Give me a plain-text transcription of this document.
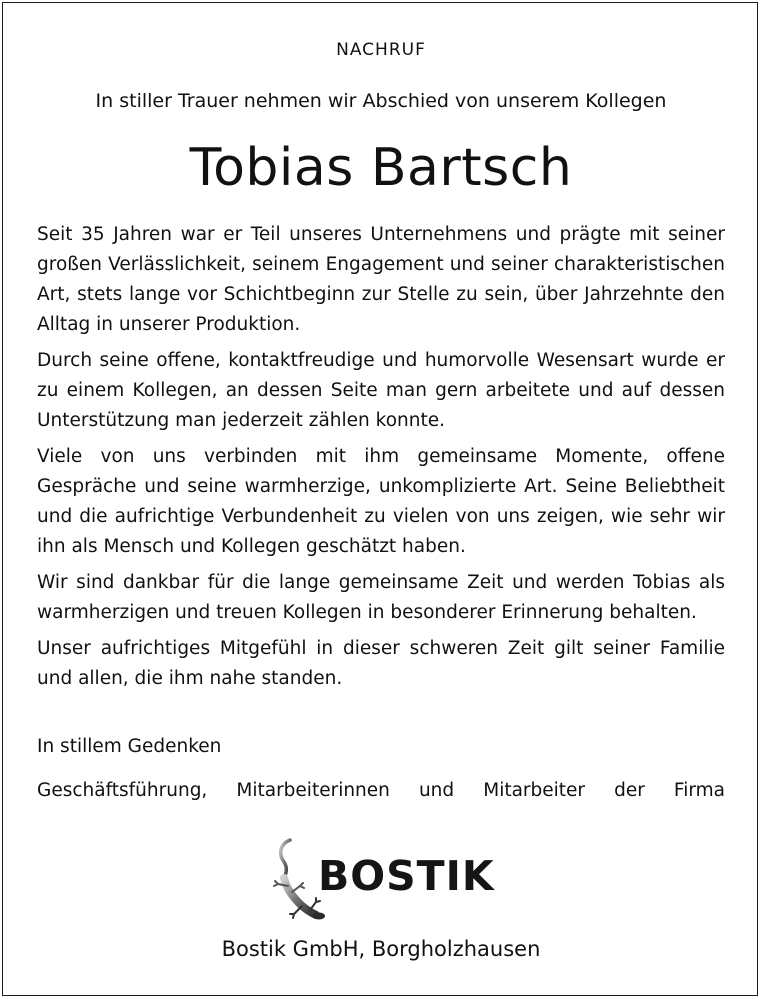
NACHRUF
In stiller Trauer nehmen wir Abschied von unserem Kollegen
Tobias Bartsch

Seit 35 Jahren war er Teil unseres Unternehmens und prägte mit seiner großen Verlässlichkeit, seinem Engagement und seiner charakteristischen Art, stets lange vor Schichtbeginn zur Stelle zu sein, über Jahrzehnte den Alltag in unserer Produktion.

Durch seine offene, kontaktfreudige und humorvolle Wesensart wurde er zu einem Kollegen, an dessen Seite man gern arbeitete und auf dessen Unterstützung man jederzeit zählen konnte.

Viele von uns verbinden mit ihm gemeinsame Momente, offene Gespräche und seine warmherzige, unkomplizierte Art. Seine Beliebtheit und die aufrichtige Verbundenheit zu vielen von uns zeigen, wie sehr wir ihn als Mensch und Kollegen geschätzt haben.

Wir sind dankbar für die lange gemeinsame Zeit und werden Tobias als warmherzigen und treuen Kollegen in besonderer Erinnerung behalten.

Unser aufrichtiges Mitgefühl in dieser schweren Zeit gilt seiner Familie und allen, die ihm nahe standen.

In stillem Gedenken
Geschäftsführung, Mitarbeiterinnen und Mitarbeiter der Firma
BOSTIK
Bostik GmbH, Borgholzhausen
